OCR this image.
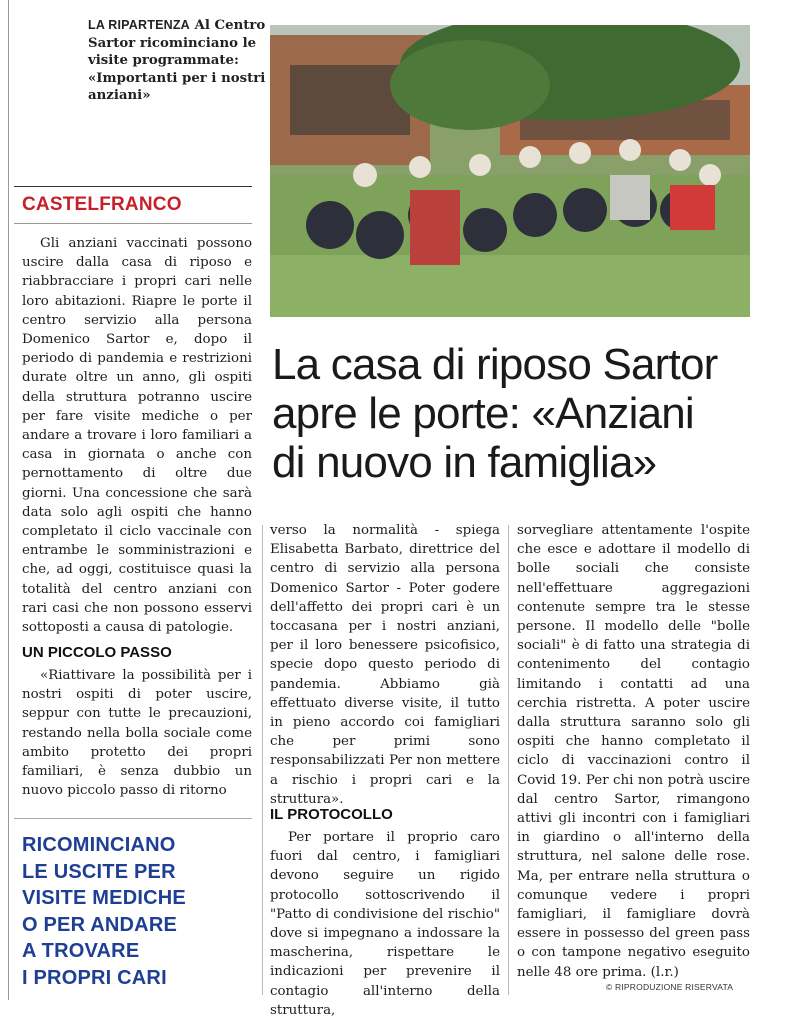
LA RIPARTENZA Al Centro Sartor ricominciano le visite programmate: «Importanti per i nostri anziani»
CASTELFRANCO

Gli anziani vaccinati possono uscire dalla casa di riposo e riabbracciare i propri cari nelle loro abitazioni. Riapre le porte il centro servizio alla persona Domenico Sartor e, dopo il periodo di pandemia e restrizioni durate oltre un anno, gli ospiti della struttura potranno uscire per fare visite mediche o per andare a trovare i loro familiari a casa in giornata o anche con pernottamento di oltre due giorni. Una concessione che sarà data solo agli ospiti che hanno completato il ciclo vaccinale con entrambe le somministrazioni e che, ad oggi, costituisce quasi la totalità del centro anziani con rari casi che non possono esservi sottoposti a causa di patologie.

UN PICCOLO PASSO

«Riattivare la possibilità per i nostri ospiti di poter uscire, seppur con tutte le precauzioni, restando nella bolla sociale come ambito protetto dei propri familiari, è senza dubbio un nuovo piccolo passo di ritorno

La casa di riposo Sartor
apre le porte: «Anziani
di nuovo in famiglia»

verso la normalità - spiega Elisabetta Barbato, direttrice del centro di servizio alla persona Domenico Sartor - Poter godere dell'affetto dei propri cari è un toccasana per i nostri anziani, per il loro benessere psicofisico, specie dopo questo periodo di pandemia. Abbiamo già effettuato diverse visite, il tutto in pieno accordo coi famigliari che per primi sono responsabilizzati Per non mettere a rischio i propri cari e la struttura».

IL PROTOCOLLO

Per portare il proprio caro fuori dal centro, i famigliari devono seguire un rigido protocollo sottoscrivendo il "Patto di condivisione del rischio" dove si impegnano a indossare la mascherina, rispettare le indicazioni per prevenire il contagio all'interno della struttura,

sorvegliare attentamente l'ospite che esce e adottare il modello di bolle sociali che consiste nell'effettuare aggregazioni contenute sempre tra le stesse persone. Il modello delle "bolle sociali" è di fatto una strategia di contenimento del contagio limitando i contatti ad una cerchia ristretta. A poter uscire dalla struttura saranno solo gli ospiti che hanno completato il ciclo di vaccinazioni contro il Covid 19. Per chi non potrà uscire dal centro Sartor, rimangono attivi gli incontri con i famigliari in giardino o all'interno della struttura, nel salone delle rose. Ma, per entrare nella struttura o comunque vedere i propri famigliari, il famigliare dovrà essere in possesso del green pass o con tampone negativo eseguito nelle 48 ore prima. (l.r.)

RICOMINCIANO
LE USCITE PER
VISITE MEDICHE
O PER ANDARE
A TROVARE
I PROPRI CARI	© RIPRODUZIONE RISERVATA
